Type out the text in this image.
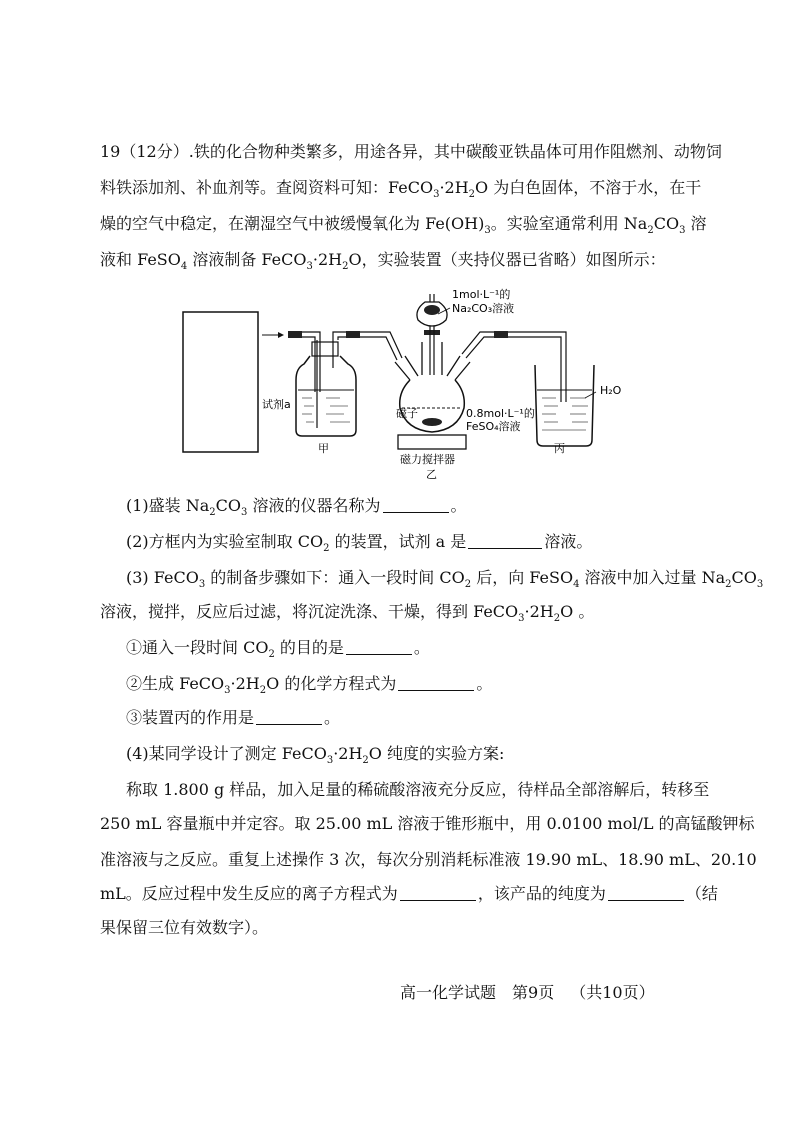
19（12分）.铁的化合物种类繁多，用途各异，其中碳酸亚铁晶体可用作阻燃剂、动物饲
料铁添加剂、补血剂等。查阅资料可知：$FeCO_3\cdot 2H_2O$ 为白色固体，不溶于水，在干
燥的空气中稳定，在潮湿空气中被缓慢氧化为 $Fe(OH)_3$。实验室通常利用 $Na_2CO_3$ 溶
液和 FeSO$_4$ 溶液制备 $FeCO_3\cdot 2H_2O$，实验装置（夹持仪器已省略）如图所示：
1mol·L⁻¹的
Na₂CO₃溶液
试剂a
H₂O
磁子	0.8mol·L⁻¹的
FeSO₄溶液
甲	丙
磁力搅拌器
乙
(1)盛装 $Na_2CO_3$ 溶液的仪器名称为	。
(2)方框内为实验室制取 $CO_2$ 的装置，试剂 a 是	溶液。
(3) FeCO$_3$ 的制备步骤如下：通入一段时间 $CO_2$ 后，向 FeSO$_4$ 溶液中加入过量 $Na_2CO_3$
溶液，搅拌，反应后过滤，将沉淀洗涤、干燥，得到 $FeCO_3\cdot 2H_2O$ 。
①通入一段时间 $CO_2$ 的目的是	。
②生成 $FeCO_3\cdot 2H_2O$ 的化学方程式为	。
③装置丙的作用是	。
(4)某同学设计了测定 $FeCO_3\cdot 2H_2O$ 纯度的实验方案:
称取 1.800 g 样品，加入足量的稀硫酸溶液充分反应，待样品全部溶解后，转移至
250 mL 容量瓶中并定容。取 25.00 mL 溶液于锥形瓶中，用 0.0100 mol/L 的高锰酸钾标
准溶液与之反应。重复上述操作 3 次，每次分别消耗标准液 19.90 mL、18.90 mL、20.10
mL。反应过程中发生反应的离子方程式为	，该产品的纯度为	（结
果保留三位有效数字）。
高一化学试题 第9页 （共10页）
